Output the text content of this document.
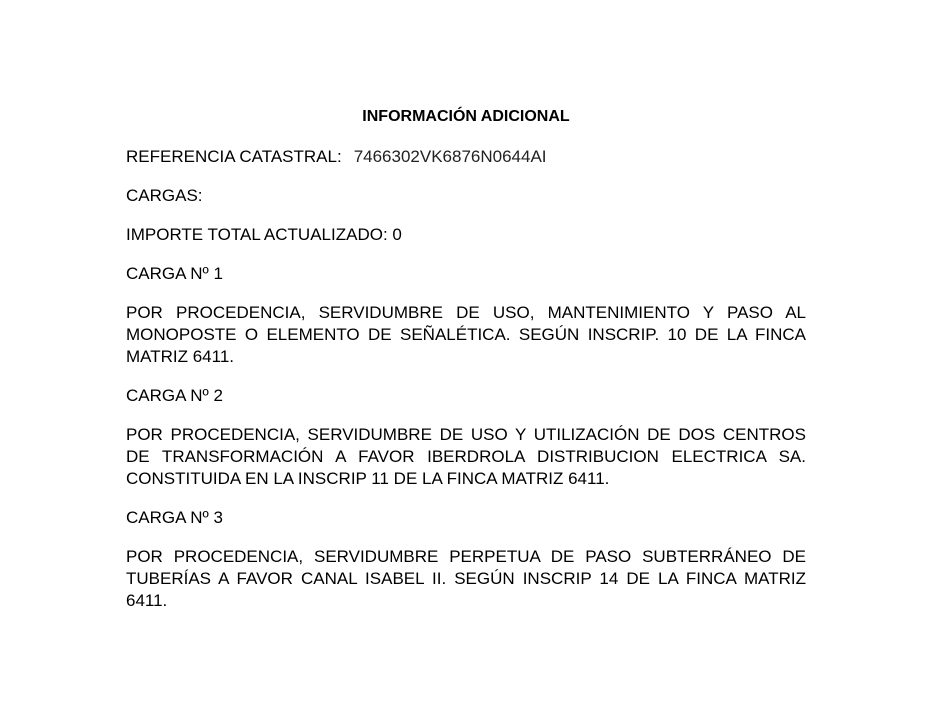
INFORMACIÓN ADICIONAL
REFERENCIA CATASTRAL: 7466302VK6876N0644AI
CARGAS:
IMPORTE TOTAL ACTUALIZADO: 0
CARGA Nº 1
POR PROCEDENCIA, SERVIDUMBRE DE USO, MANTENIMIENTO Y PASO AL MONOPOSTE O ELEMENTO DE SEÑALÉTICA. SEGÚN INSCRIP. 10 DE LA FINCA MATRIZ 6411.
CARGA Nº 2
POR PROCEDENCIA, SERVIDUMBRE DE USO Y UTILIZACIÓN DE DOS CENTROS DE TRANSFORMACIÓN A FAVOR IBERDROLA DISTRIBUCION ELECTRICA SA. CONSTITUIDA EN LA INSCRIP 11 DE LA FINCA MATRIZ 6411.
CARGA Nº 3
POR PROCEDENCIA, SERVIDUMBRE PERPETUA DE PASO SUBTERRÁNEO DE TUBERÍAS A FAVOR CANAL ISABEL II. SEGÚN INSCRIP 14 DE LA FINCA MATRIZ 6411.
